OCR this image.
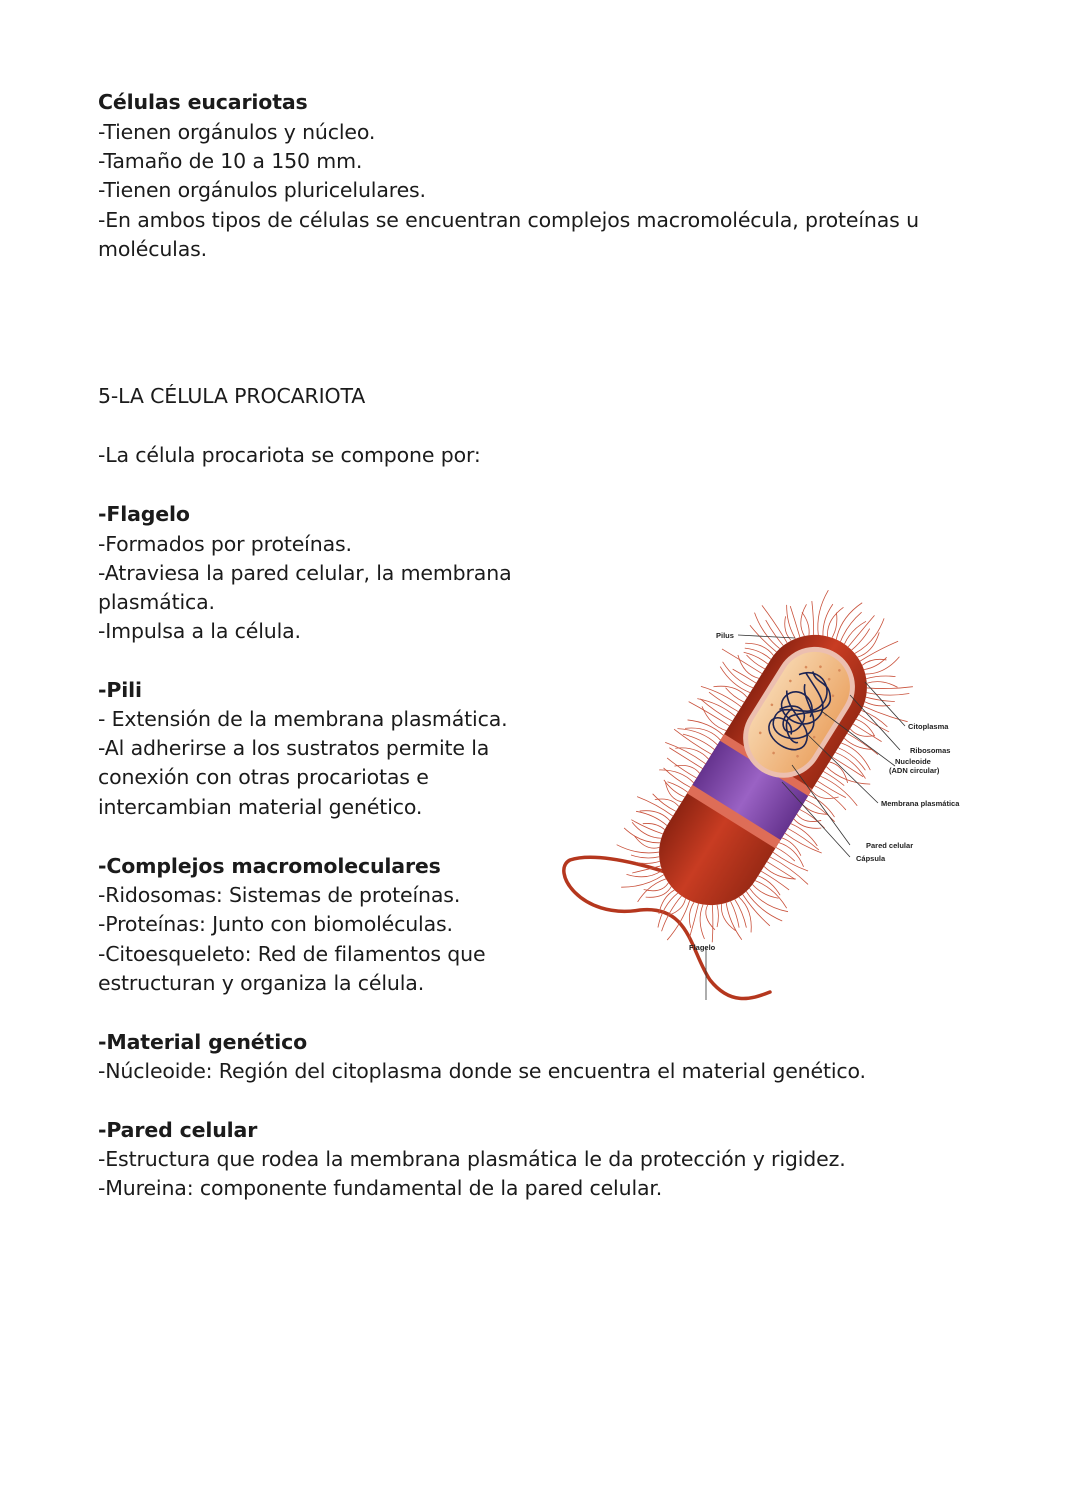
Células eucariotas
-Tienen orgánulos y núcleo.
-Tamaño de 10 a 150 mm.
-Tienen orgánulos pluricelulares.
-En ambos tipos de células se encuentran complejos macromolécula, proteínas u
moléculas.
5-LA CÉLULA PROCARIOTA
-La célula procariota se compone por:
-Flagelo
-Formados por proteínas.
-Atraviesa la pared celular, la membrana
plasmática.
-Impulsa a la célula.
-Pili
- Extensión de la membrana plasmática.
-Al adherirse a los sustratos permite la
conexión con otras procariotas e
intercambian material genético.
-Complejos macromoleculares
-Ridosomas: Sistemas de proteínas.
-Proteínas: Junto con biomoléculas.
-Citoesqueleto: Red de filamentos que
estructuran y organiza la célula.
-Material genético
-Núcleoide: Región del citoplasma donde se encuentra el material genético.
-Pared celular
-Estructura que rodea la membrana plasmática le da protección y rigidez.
-Mureina: componente fundamental de la pared celular.
Pilus
Citoplasma
Ribosomas
Nucleoide
(ADN circular)
Membrana plasmática
Pared celular
Cápsula
Flagelo
